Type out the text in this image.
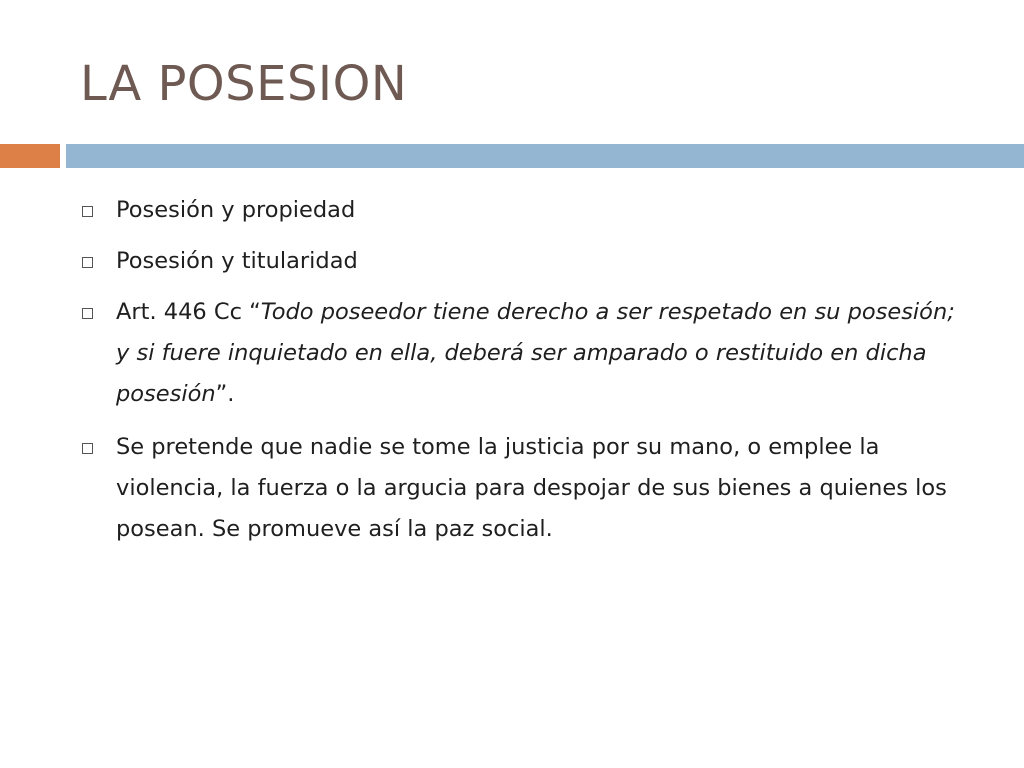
LA POSESION
Posesión y propiedad
Posesión y titularidad
Art. 446 Cc “Todo poseedor tiene derecho a ser respetado en su posesión; y si fuere inquietado en ella, deberá ser amparado o restituido en dicha posesión”.
Se pretende que nadie se tome la justicia por su mano, o emplee la violencia, la fuerza o la argucia para despojar de sus bienes a quienes los posean. Se promueve así la paz social.
